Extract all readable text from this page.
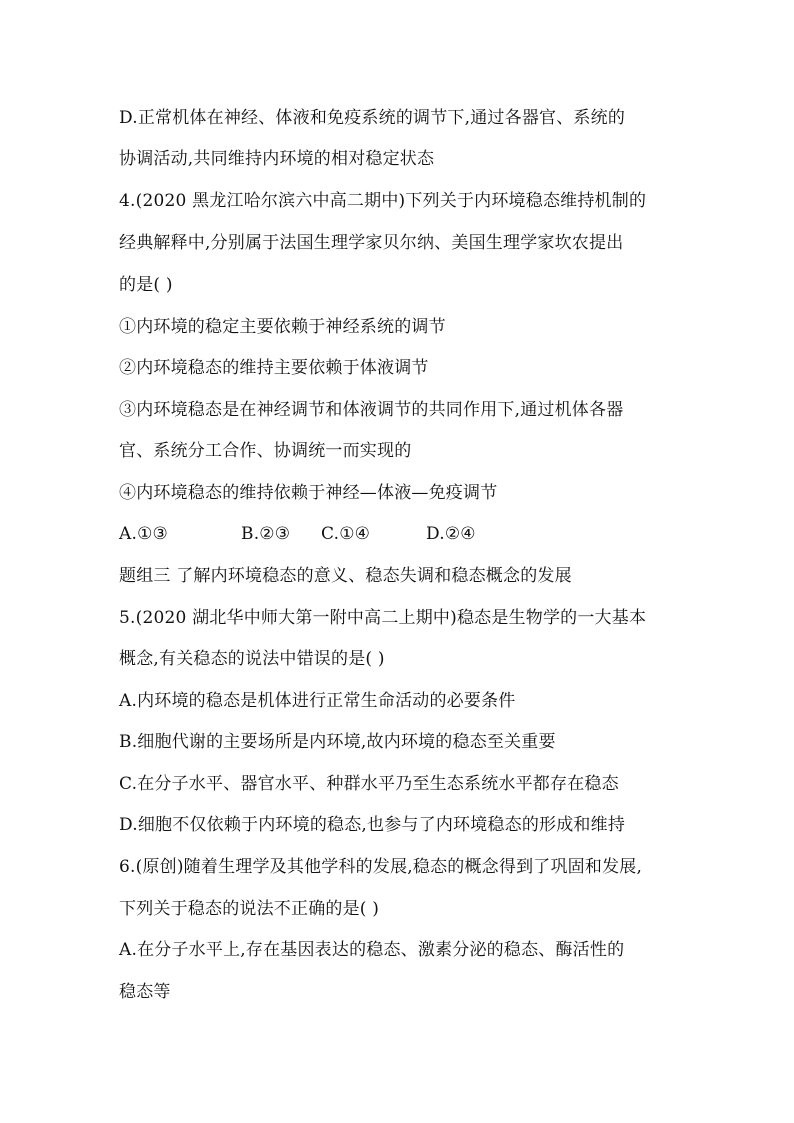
D.正常机体在神经、体液和免疫系统的调节下,通过各器官、系统的
协调活动,共同维持内环境的相对稳定状态
4.(2020 黑龙江哈尔滨六中高二期中)下列关于内环境稳态维持机制的
经典解释中,分别属于法国生理学家贝尔纳、美国生理学家坎农提出
的是( )
①内环境的稳定主要依赖于神经系统的调节
②内环境稳态的维持主要依赖于体液调节
③内环境稳态是在神经调节和体液调节的共同作用下,通过机体各器
官、系统分工合作、协调统一而实现的
④内环境稳态的维持依赖于神经—体液—免疫调节
A.①③	B.②③ C.①④	D.②④
题组三 了解内环境稳态的意义、稳态失调和稳态概念的发展
5.(2020 湖北华中师大第一附中高二上期中)稳态是生物学的一大基本
概念,有关稳态的说法中错误的是( )
A.内环境的稳态是机体进行正常生命活动的必要条件
B.细胞代谢的主要场所是内环境,故内环境的稳态至关重要
C.在分子水平、器官水平、种群水平乃至生态系统水平都存在稳态
D.细胞不仅依赖于内环境的稳态,也参与了内环境稳态的形成和维持
6.(原创)随着生理学及其他学科的发展,稳态的概念得到了巩固和发展,
下列关于稳态的说法不正确的是( )
A.在分子水平上,存在基因表达的稳态、激素分泌的稳态、酶活性的
稳态等
